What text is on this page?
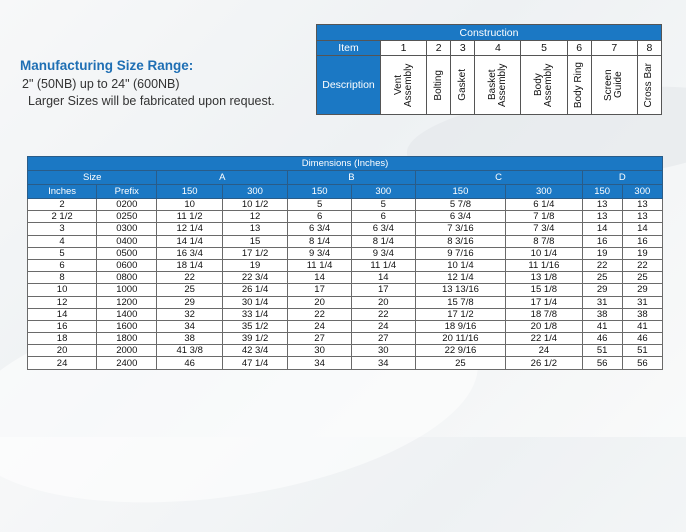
Manufacturing Size Range:
2" (50NB) up to 24" (600NB)
Larger Sizes will be fabricated upon request.
Construction								
Item	1	2	3	4	5	6	7	8
Description	Vent Assembly	Bolting	Gasket	Basket Assembly	Body Assembly	Body Ring	Screen Guide	Cross Bar
Dimensions (Inches)									
Size		A		B		C		D	
Inches	Prefix	150	300	150	300	150	300	150	300
2	0200	10	10 1/2	5	5	5 7/8	6 1/4	13	13
2 1/2	0250	11 1/2	12	6	6	6 3/4	7 1/8	13	13
3	0300	12 1/4	13	6 3/4	6 3/4	7 3/16	7 3/4	14	14
4	0400	14 1/4	15	8 1/4	8 1/4	8 3/16	8 7/8	16	16
5	0500	16 3/4	17 1/2	9 3/4	9 3/4	9 7/16	10 1/4	19	19
6	0600	18 1/4	19	11 1/4	11 1/4	10 1/4	11 1/16	22	22
8	0800	22	22 3/4	14	14	12 1/4	13 1/8	25	25
10	1000	25	26 1/4	17	17	13 13/16	15 1/8	29	29
12	1200	29	30 1/4	20	20	15 7/8	17 1/4	31	31
14	1400	32	33 1/4	22	22	17 1/2	18 7/8	38	38
16	1600	34	35 1/2	24	24	18 9/16	20 1/8	41	41
18	1800	38	39 1/2	27	27	20 11/16	22 1/4	46	46
20	2000	41 3/8	42 3/4	30	30	22 9/16	24	51	51
24	2400	46	47 1/4	34	34	25	26 1/2	56	56
